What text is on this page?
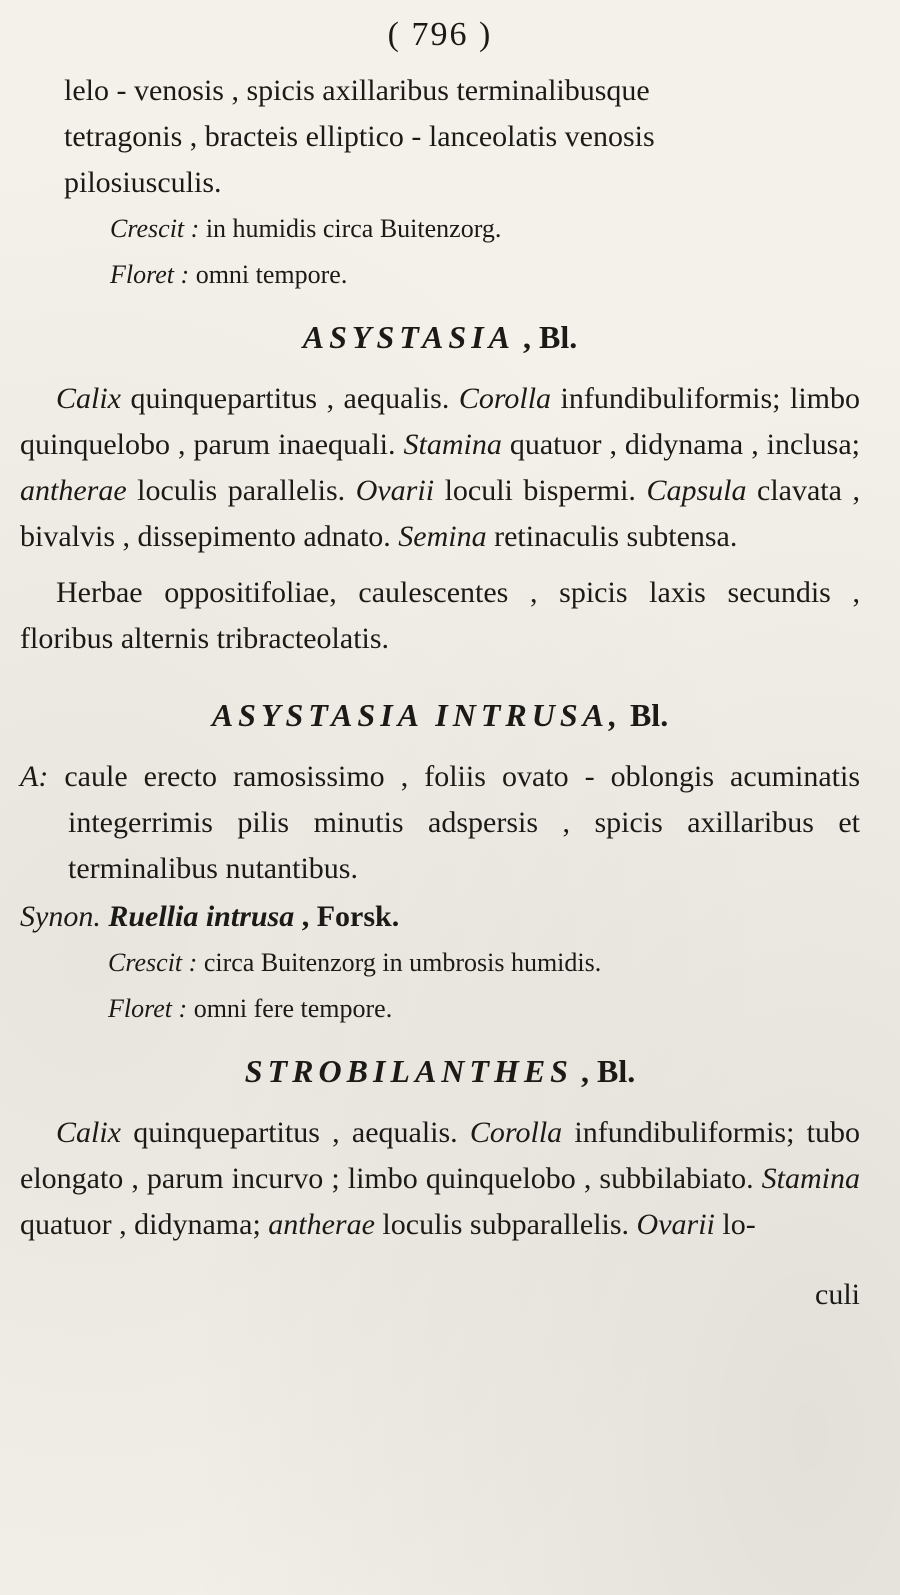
( 796 )

lelo - venosis , spicis axillaribus terminalibusque

tetragonis , bracteis elliptico - lanceolatis venosis

pilosiusculis.

Crescit : in humidis circa Buitenzorg.

Floret : omni tempore.

ASYSTASIA , Bl.

Calix quinquepartitus , aequalis. Corolla infundibuliformis; limbo quinquelobo , parum inaequali. Stamina quatuor , didynama , inclusa; antherae loculis parallelis. Ovarii loculi bispermi. Capsula clavata , bivalvis , dissepimento adnato. Semina retinaculis subtensa.

Herbae oppositifoliae, caulescentes , spicis laxis secundis , floribus alternis tribracteolatis.

ASYSTASIA INTRUSA, Bl.

A: caule erecto ramosissimo , foliis ovato - oblongis acuminatis integerrimis pilis minutis adspersis , spicis axillaribus et terminalibus nutantibus.

Synon. Ruellia intrusa , Forsk.

Crescit : circa Buitenzorg in umbrosis humidis.

Floret : omni fere tempore.

STROBILANTHES , Bl.

Calix quinquepartitus , aequalis. Corolla infundibuliformis; tubo elongato , parum incurvo ; limbo quinquelobo , subbilabiato. Stamina quatuor , didynama; antherae loculis subparallelis. Ovarii lo-

culi
